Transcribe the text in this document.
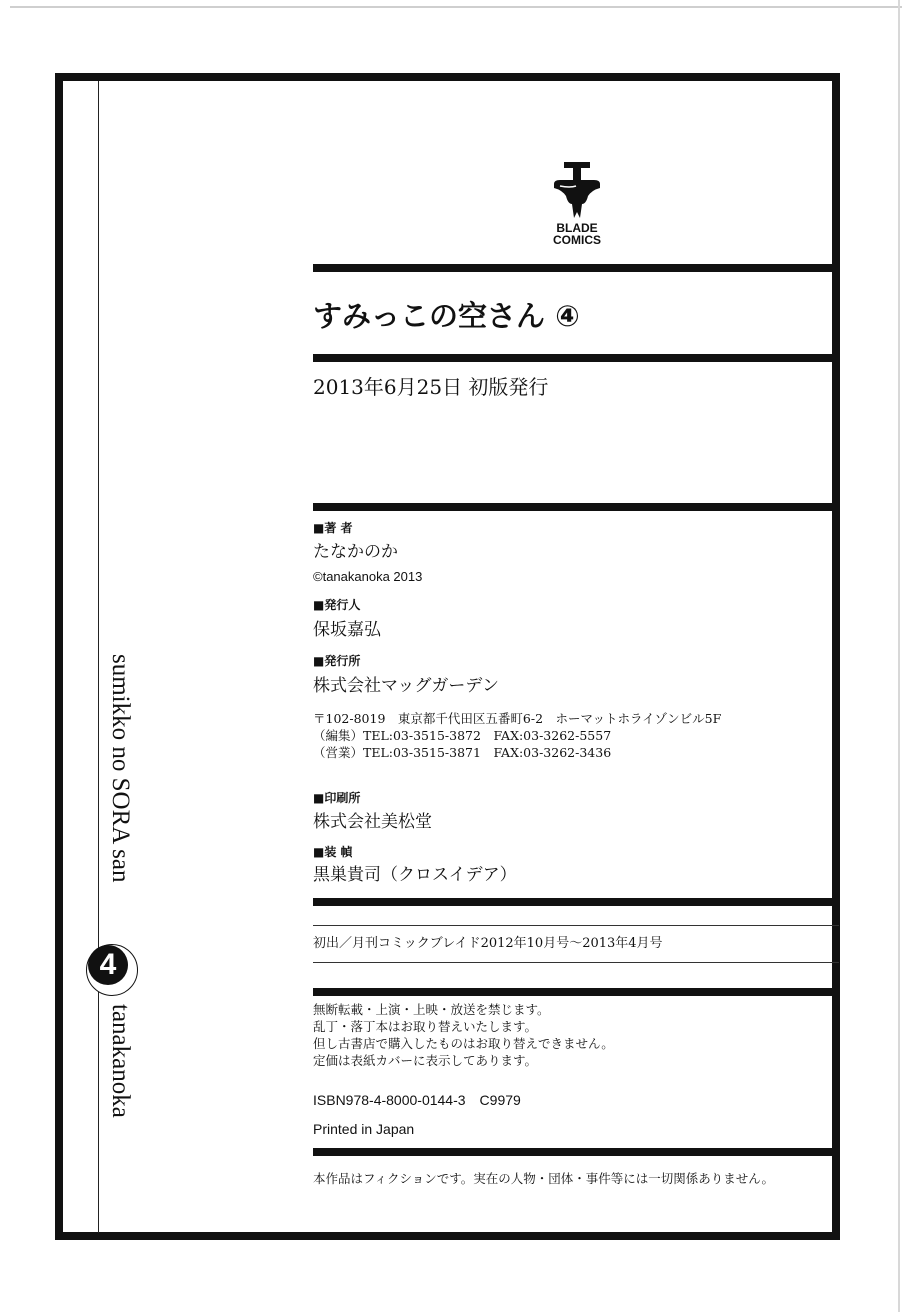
sumikko no SORA san
4
tanakanoka
BLADE
COMICS
すみっこの空さん ④
2013年6月25日 初版発行
■著 者
たなかのか
©tanakanoka 2013
■発行人
保坂嘉弘
■発行所
株式会社マッグガーデン
〒102-8019　東京都千代田区五番町6-2　ホーマットホライゾンビル5F
（編集）TEL:03-3515-3872　FAX:03-3262-5557
（営業）TEL:03-3515-3871　FAX:03-3262-3436
■印刷所
株式会社美松堂
■装 幀
黒巣貴司（クロスイデア）
初出／月刊コミックブレイド2012年10月号〜2013年4月号
無断転載・上演・上映・放送を禁じます。
乱丁・落丁本はお取り替えいたします。
但し古書店で購入したものはお取り替えできません。
定価は表紙カバーに表示してあります。
ISBN978-4-8000-0144-3　C9979
Printed in Japan
本作品はフィクションです。実在の人物・団体・事件等には一切関係ありません。
